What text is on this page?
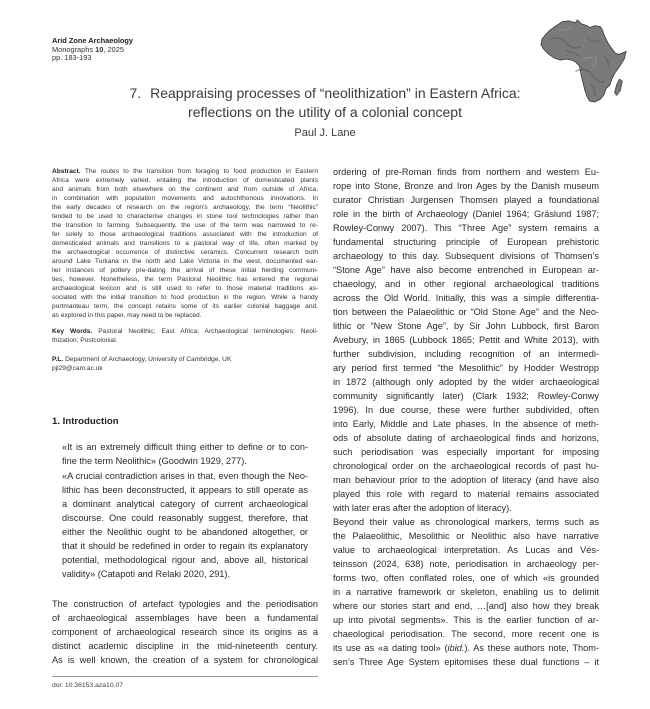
Arid Zone Archaeology
Monographs 10, 2025
pp. 183-193
7. Reappraising processes of “neolithization” in Eastern Africa:
reflections on the utility of a colonial concept
Paul J. Lane
Abstract. The routes to the transition from foraging to food production in Eastern
Africa were extremely varied, entailing the introduction of domesticated plants
and animals from both elsewhere on the continent and from outside of Africa,
in combination with population movements and autochthonous innovations. In
the early decades of research on the region’s archaeology, the term “Neolithic”
tended to be used to characterise changes in stone tool technologies rather than
the transition to farming. Subsequently, the use of the term was narrowed to re-
fer solely to those archaeological traditions associated with the introduction of
domesticated animals and transitions to a pastoral way of life, often marked by
the archaeological occurrence of distinctive ceramics. Concurrent research both
around Lake Turkana in the north and Lake Victoria in the west, documented ear-
lier instances of pottery pre-dating the arrival of these initial herding communi-
ties, however. Nonetheless, the term Pastoral Neolithic has entered the regional
archaeological lexicon and is still used to refer to those material traditions as-
sociated with the initial transition to food production in the region. While a handy
portmanteau term, the concept retains some of its earlier colonial baggage and,
as explored in this paper, may need to be replaced.
Key Words. Pastoral Neolithic; East Africa; Archaeological terminologies; Neoli-
thization; Postcolonial.
P.L. Department of Archaeology, University of Cambridge, UK
pjl29@cam.ac.uk
1. Introduction
«It is an extremely difficult thing either to define or to con-
fine the term Neolithic» (Goodwin 1929, 277).
«A crucial contradiction arises in that, even though the Neo-
lithic has been deconstructed, it appears to still operate as
a dominant analytical category of current archaeological
discourse. One could reasonably suggest, therefore, that
either the Neolithic ought to be abandoned altogether, or
that it should be redefined in order to regain its explanatory
potential, methodological rigour and, above all, historical
validity» (Catapoti and Relaki 2020, 291).
The construction of artefact typologies and the periodisation
of archaeological assemblages have been a fundamental
component of archaeological research since its origins as a
distinct academic discipline in the mid-nineteenth century.
As is well known, the creation of a system for chronological
ordering of pre-Roman finds from northern and western Eu-
rope into Stone, Bronze and Iron Ages by the Danish museum
curator Christian Jurgensen Thomsen played a foundational
role in the birth of Archaeology (Daniel 1964; Gräslund 1987;
Rowley-Conwy 2007). This “Three Age” system remains a
fundamental structuring principle of European prehistoric
archaeology to this day. Subsequent divisions of Thomsen’s
“Stone Age” have also become entrenched in European ar-
chaeology, and in other regional archaeological traditions
across the Old World. Initially, this was a simple differentia-
tion between the Palaeolithic or “Old Stone Age” and the Neo-
lithic or “New Stone Age”, by Sir John Lubbock, first Baron
Avebury, in 1865 (Lubbock 1865; Pettit and White 2013), with
further subdivision, including recognition of an intermedi-
ary period first termed “the Mesolithic” by Hodder Westropp
in 1872 (although only adopted by the wider archaeological
community significantly later) (Clark 1932; Rowley-Conwy
1996). In due course, these were further subdivided, often
into Early, Middle and Late phases. In the absence of meth-
ods of absolute dating of archaeological finds and horizons,
such periodisation was especially important for imposing
chronological order on the archaeological records of past hu-
man behaviour prior to the adoption of literacy (and have also
played this role with regard to material remains associated
with later eras after the adoption of literacy).
Beyond their value as chronological markers, terms such as
the Palaeolithic, Mesolithic or Neolithic also have narrative
value to archaeological interpretation. As Lucas and Vés-
teinsson (2024, 638) note, periodisation in archaeology per-
forms two, often conflated roles, one of which «is grounded
in a narrative framework or skeleton, enabling us to delimit
where our stories start and end, …[and] also how they break
up into pivotal segments». This is the earlier function of ar-
chaeological periodisation. The second, more recent one is
its use as «a dating tool» (ibid.). As these authors note, Thom-
sen’s Three Age System epitomises these dual functions – it
doi: 10.36153.aza10.07
